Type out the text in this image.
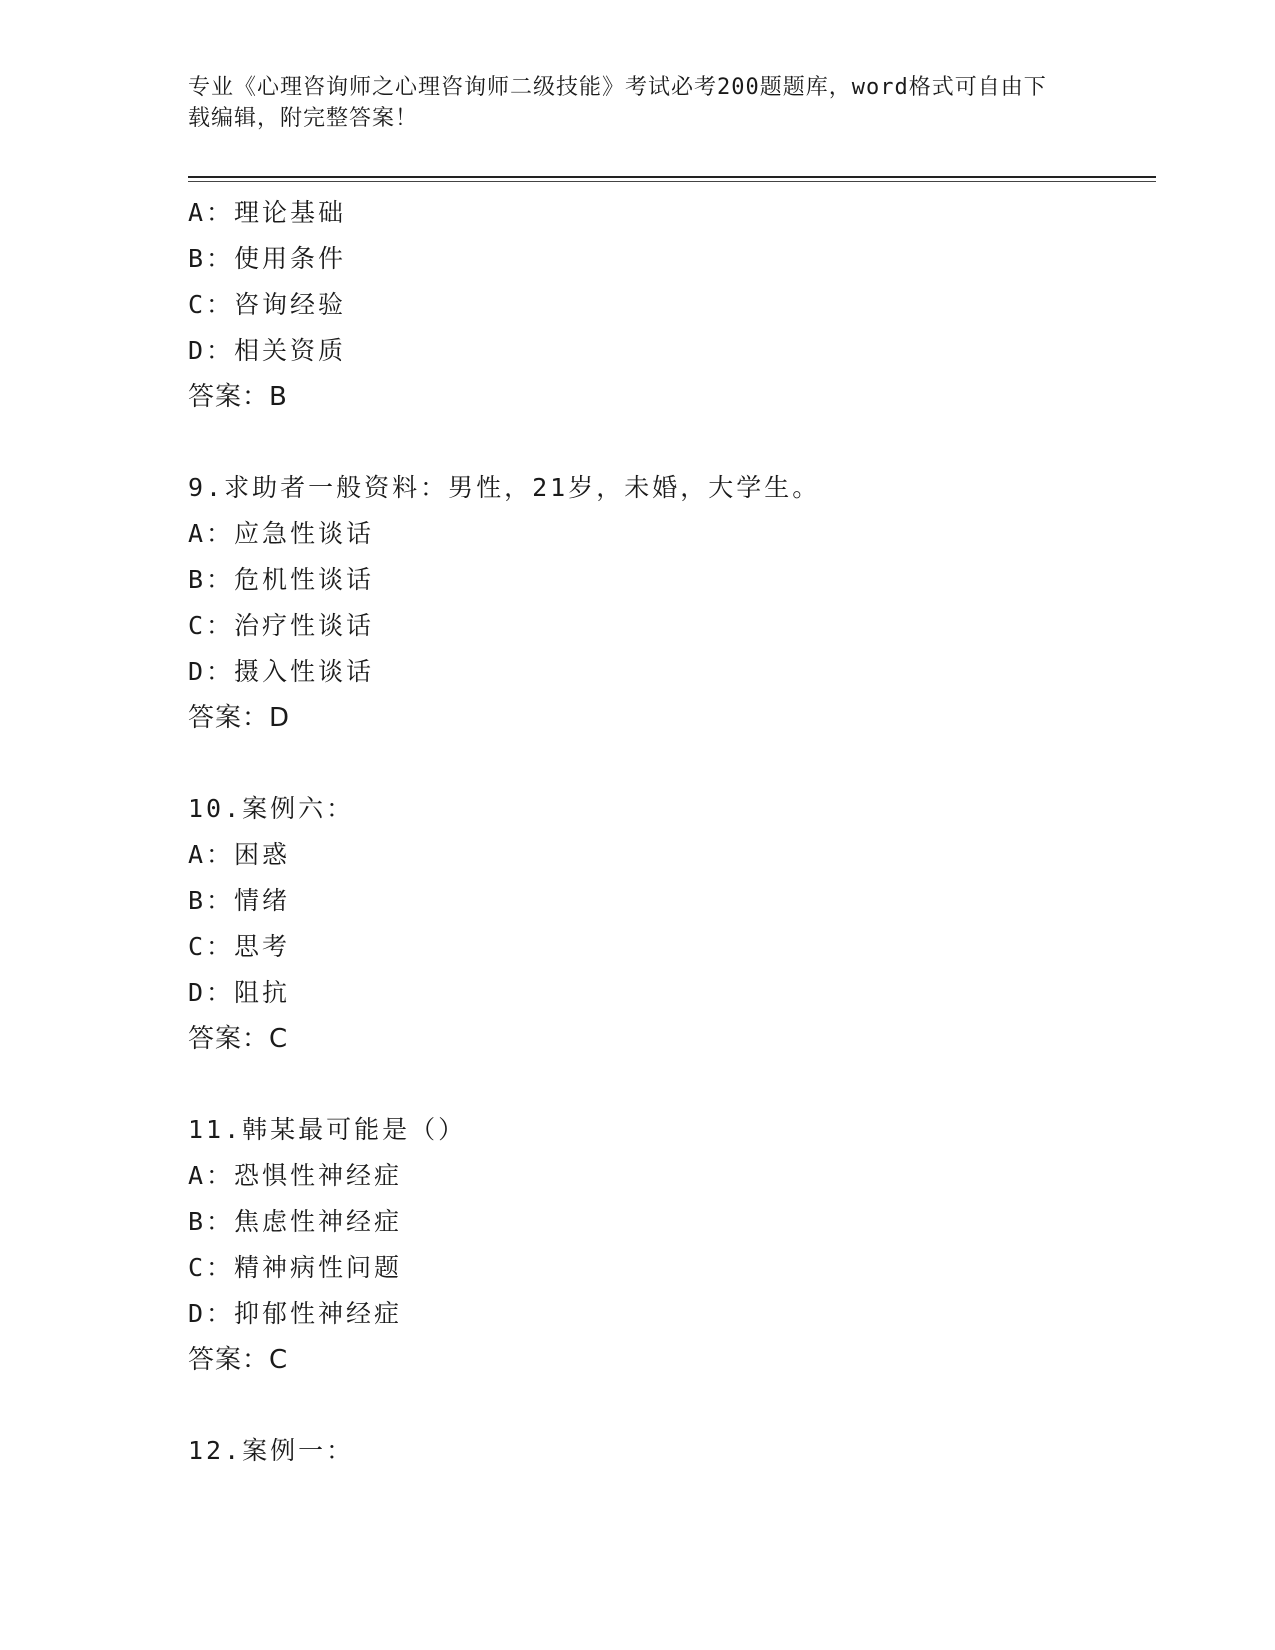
专业《心理咨询师之心理咨询师二级技能》考试必考200题题库，word格式可自由下载编辑，附完整答案！
A：理论基础
B：使用条件
C：咨询经验
D：相关资质
答案：B
9.求助者一般资料：男性，21岁，未婚，大学生。
A：应急性谈话
B：危机性谈话
C：治疗性谈话
D：摄入性谈话
答案：D
10.案例六：
A：困惑
B：情绪
C：思考
D：阻抗
答案：C
11.韩某最可能是（）
A：恐惧性神经症
B：焦虑性神经症
C：精神病性问题
D：抑郁性神经症
答案：C
12.案例一：
